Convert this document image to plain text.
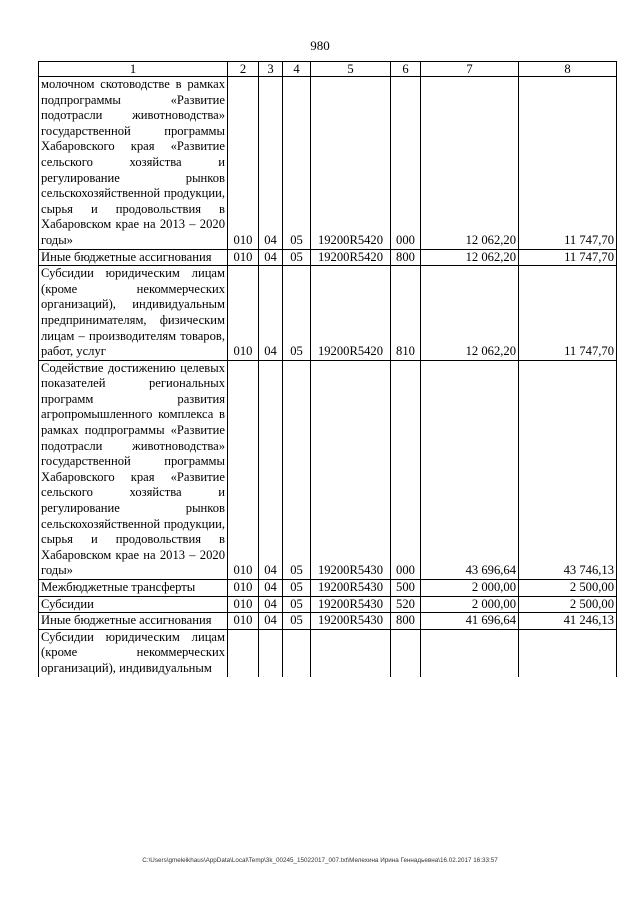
980
1	2	3	4	5	6	7	8
молочном скотоводстве в рамках подпрограммы «Развитие подотрасли животноводства» государственной программы Хабаровского края «Развитие сельского хозяйства и регулирование рынков сельскохозяйственной продукции, сырья и продовольствия в Хабаровском крае на 2013 – 2020 годы»	010	04	05	19200R5420	000	12 062,20	11 747,70
Иные бюджетные ассигнования	010	04	05	19200R5420	800	12 062,20	11 747,70
Субсидии юридическим лицам (кроме некоммерческих организаций), индивидуальным предпринимателям, физическим лицам – производителям товаров, работ, услуг	010	04	05	19200R5420	810	12 062,20	11 747,70
Содействие достижению целевых показателей региональных программ развития агропромышленного комплекса в рамках подпрограммы «Развитие подотрасли животноводства» государственной программы Хабаровского края «Развитие сельского хозяйства и регулирование рынков сельскохозяйственной продукции, сырья и продовольствия в Хабаровском крае на 2013 – 2020 годы»	010	04	05	19200R5430	000	43 696,64	43 746,13
Межбюджетные трансферты	010	04	05	19200R5430	500	2 000,00	2 500,00
Субсидии	010	04	05	19200R5430	520	2 000,00	2 500,00
Иные бюджетные ассигнования	010	04	05	19200R5430	800	41 696,64	41 246,13
Субсидии юридическим лицам (кроме некоммерческих организаций), индивидуальным							
C:\Users\gmeleikhaus\AppData\Local\Temp\3k_00245_15022017_007.txt\Мелехина Ирина Геннадьевна\16.02.2017 16:33:57
